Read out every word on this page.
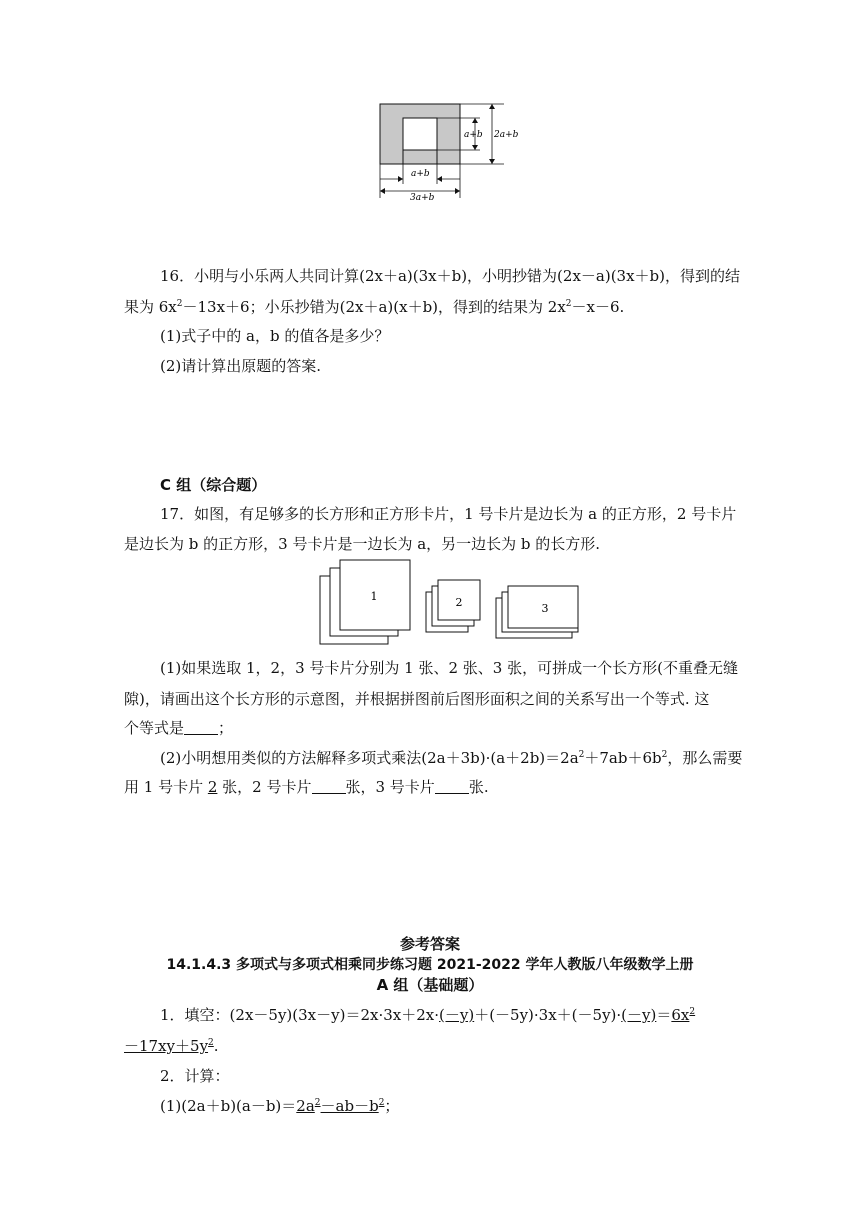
a+b 2a+b
a+b
3a+b
16．小明与小乐两人共同计算(2x＋a)(3x＋b)，小明抄错为(2x－a)(3x＋b)，得到的结
果为 $6x^2-13x+6$；小乐抄错为(2x＋a)(x＋b)，得到的结果为 $2x^2-x-6$.
(1)式子中的 a，b 的值各是多少？
(2)请计算出原题的答案.
C 组（综合题）
17．如图，有足够多的长方形和正方形卡片，1 号卡片是边长为 a 的正方形，2 号卡片
是边长为 b 的正方形，3 号卡片是一边长为 a，另一边长为 b 的长方形.
1	2	3
(1)如果选取 1，2，3 号卡片分别为 1 张、2 张、3 张，可拼成一个长方形(不重叠无缝
隙)，请画出这个长方形的示意图，并根据拼图前后图形面积之间的关系写出一个等式. 这
个等式是 ；
(2)小明想用类似的方法解释多项式乘法$(2a+3b)\cdot(a+2b)=2a^2+7ab+6b^2$，那么需要
用 1 号卡片 2 张，2 号卡片 张，3 号卡片 张.
参考答案
14.1.4.3 多项式与多项式相乘同步练习题 2021-2022 学年人教版八年级数学上册
A 组（基础题）
1．填空：$(2x-5y)(3x-y)=2x\cdot 3x+2x\cdot(-y)+(-5y)\cdot 3x+(-5y)\cdot(-y)=6x^2$
$-17xy+5y^2$.
2．计算：
$(1)(2a+b)(a-b)=2a^2-ab-b^2$；
